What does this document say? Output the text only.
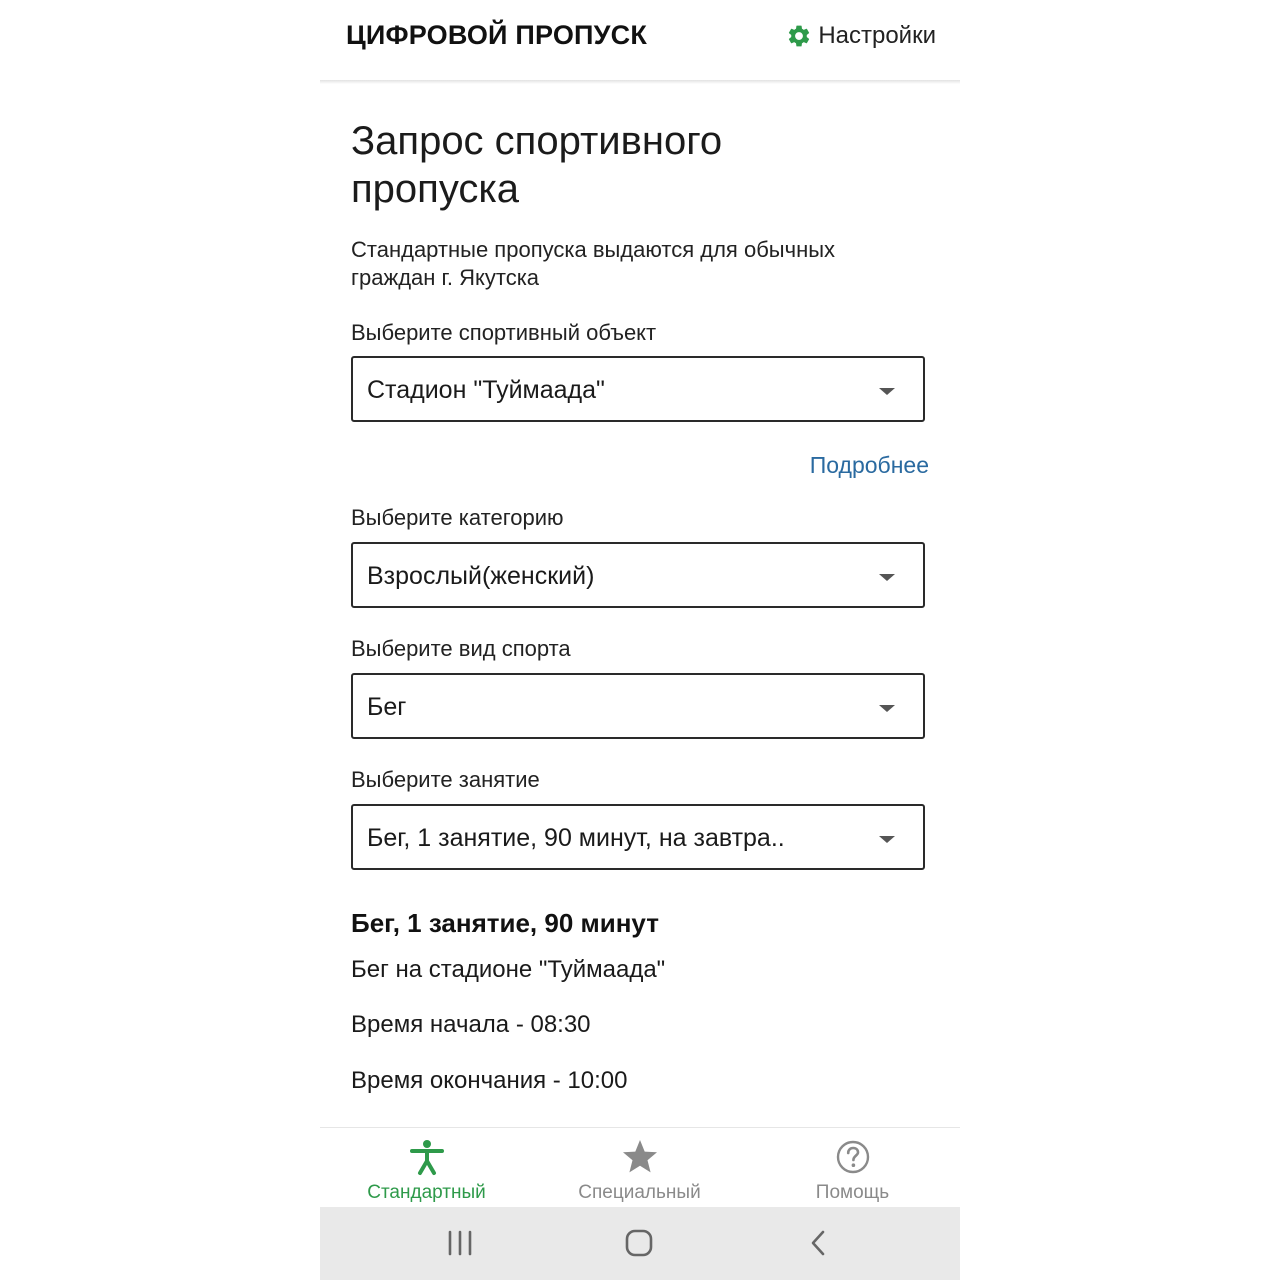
ЦИФРОВОЙ ПРОПУСК	Настройки
Запрос спортивного пропуска
Стандартные пропуска выдаются для обычных граждан г. Якутска
Выберите спортивный объект
Стадион "Туймаада"
Подробнее
Выберите категорию
Взрослый(женский)
Выберите вид спорта
Бег
Выберите занятие
Бег, 1 занятие, 90 минут, на завтра..
Бег, 1 занятие, 90 минут
Бег на стадионе "Туймаада"
Время начала - 08:30
Время окончания - 10:00
Стандартный	Специальный	Помощь
